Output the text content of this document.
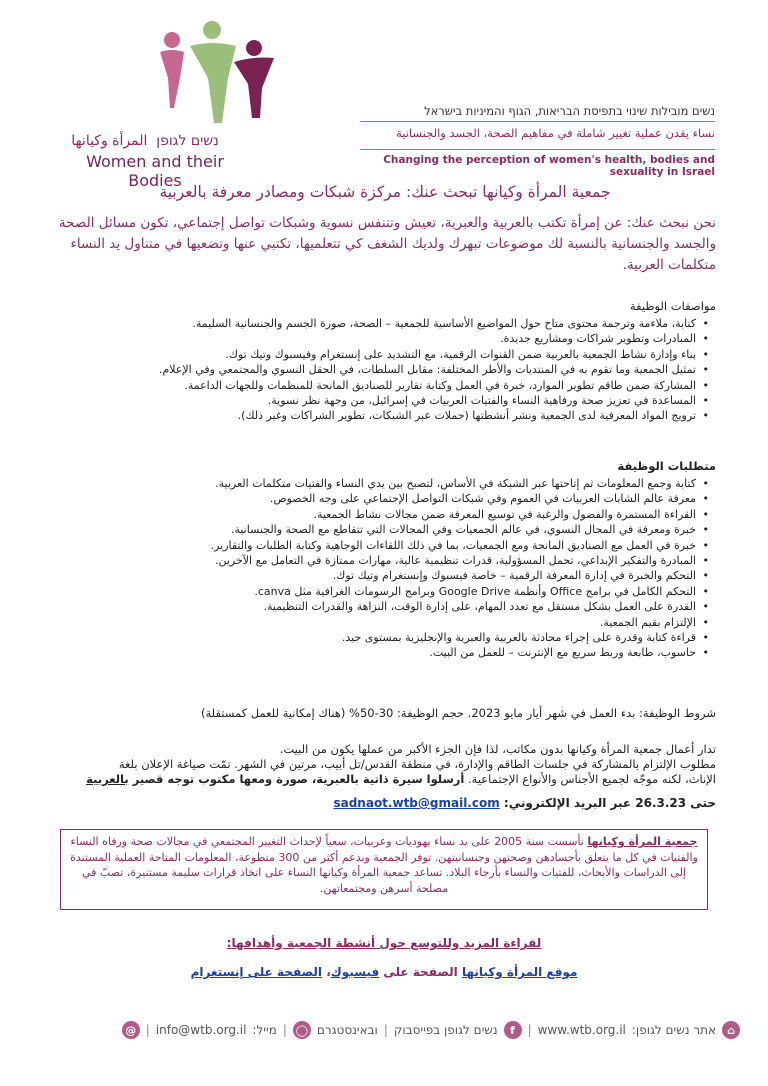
נשים לגופן  المرأة وكيانها
Women and their Bodies
נשים מובילות שינוי בתפיסת הבריאות, הגוף והמיניות בישראל
نساء يقدن عملية تغيير شاملة في مفاهيم الصحة، الجسد والجنسانية
Changing the perception of women's health, bodies and sexuality in Israel
جمعية المرأة وكيانها تبحث عنك: مركزة شبكات ومصادر معرفة بالعربية
نحن نبحث عنك: عن إمرأة تكتب بالعربية والعبرية، تعيش وتتنفس نسوية وشبكات تواصل إجتماعي، تكون مسائل الصحة والجسد والجنسانية بالنسبة لك موضوعات تبهرك ولديك الشغف كي تتعلميها، تكتبي عنها وتضعيها في متناول يد النساء متكلمات العربية.
مواصفات الوظيفة
• كتابة، ملاءمة وترجمة محتوى متاح حول المواضيع الأساسية للجمعية – الصحة، صورة الجسم والجنسانية السليمة.
• المبادرات وتطوير شراكات ومشاريع جديدة.
• بناء وإدارة نشاط الجمعية بالعربية ضمن القنوات الرقمية، مع التشديد على إنستغرام وفيسبوك وتيك توك.
• تمثيل الجمعية وما تقوم به في المنتديات والأطر المختلفة: مقابل السلطات، في الحقل النسوي والمجتمعي وفي الإعلام.
• المشاركة ضمن طاقم تطوير الموارد، خبرة في العمل وكتابة تقارير للصناديق المانحة للمنظمات وللجهات الداعمة.
• المساعدة في تعزيز صحة ورفاهية النساء والفتيات العربيات في إسرائيل، من وجهة نظر نسوية.
• ترويج المواد المعرفية لدى الجمعية ونشر أنشطتها (حملات عبر الشبكات، تطوير الشراكات وغير ذلك).
متطلبات الوظيفة
• كتابة وجمع المعلومات ثم إتاحتها عبر الشبكة في الأساس، لتصبح بين يدي النساء والفتيات متكلمات العربية.
• معرفة عالم الشابات العربيات في العموم وفي شبكات التواصل الإجتماعي على وجه الخصوص.
• القراءة المستمرة والفضول والرغبة في توسيع المعرفة ضمن مجالات نشاط الجمعية.
• خبرة ومعرفة في المجال النسوي، في عالم الجمعيات وفي المجالات التي تتقاطع مع الصحة والجنسانية.
• خبرة في العمل مع الصناديق المانحة ومع الجمعيات، بما في ذلك اللقاءات الوجاهية وكتابة الطلبات والتقارير.
• المبادرة والتفكير الإبداعي، تحمل المسؤولية، قدرات تنظيمية عالية، مهارات ممتازة في التعامل مع الآخرين.
• التحكم والخبرة في إدارة المعرفة الرقمية – خاصة فيسبوك وإنستغرام وتيك توك.
• التحكم الكامل في برامج Office وأنظمة Google Drive وبرامج الرسومات الغرافية مثل canva.
• القدرة على العمل بشكل مستقل مع تعدد المهام، على إدارة الوقت، النزاهة والقدرات التنظيمية.
• الإلتزام بقيم الجمعية.
• قراءة كتابة وقدرة على إجراء محادثة بالعربية والعبرية والإنجليزية بمستوى جيد.
• حاسوب، طابعة وربط سريع مع الإنترنت – للعمل من البيت.
شروط الوظيفة: بدء العمل في شهر أيار مايو 2023. حجم الوظيفة: 30-50% (هناك إمكانية للعمل كمستقلة)
تدار أعمال جمعية المرأة وكيانها بدون مكاتب، لذا فإن الجزء الأكبر من عملها يكون من البيت.
مطلوب الإلتزام بالمشاركة في جلسات الطاقم والإدارة، في منطقة القدس/تل أبيب، مرتين في الشهر. تمّت صياغة الإعلان بلغة
الإناث، لكنه موجّه لجميع الأجناس والأنواع الإجتماعية. أرسلوا سيرة ذاتية بالعبرية، صورة ومعها مكتوب توجه قصير بالعربية
حتى 26.3.23 عبر البريد الإلكتروني: sadnaot.wtb@gmail.com
جمعية المرأة وكيانها تأسست سنة 2005 على يد نساء يهوديات وعربيات، سعياً لإحداث التغيير المجتمعي في مجالات صحة ورفاه النساء والفتيات في كل ما يتعلق بأجسادهن وصحتهن وجنسانيتهن. توفر الجمعية وبدعم أكثر من 300 متطوعة، المعلومات المتاحة العملية المستندة إلى الدراسات والأبحاث، للفتيات والنساء بأرجاء البلاد. تساعد جمعية المرأة وكيانها النساء على اتخاذ قرارات سليمة مستنيرة، تصبّ في مصلحة أسرهن ومجتمعاتهن.
لقراءة المزيد وللتوسع حول أنشطة الجمعية وأهدافها:
موقع المرأة وكيانها الصفحة على فيسبوك، الصفحة على إنستغرام
⌂
אתר נשים לגופן:
www.wtb.org.il
|
f
נשים לגופן בפייסבוק
|
ובאינסטגרם
◯
|
מייל:
info@wtb.org.il
|
@
